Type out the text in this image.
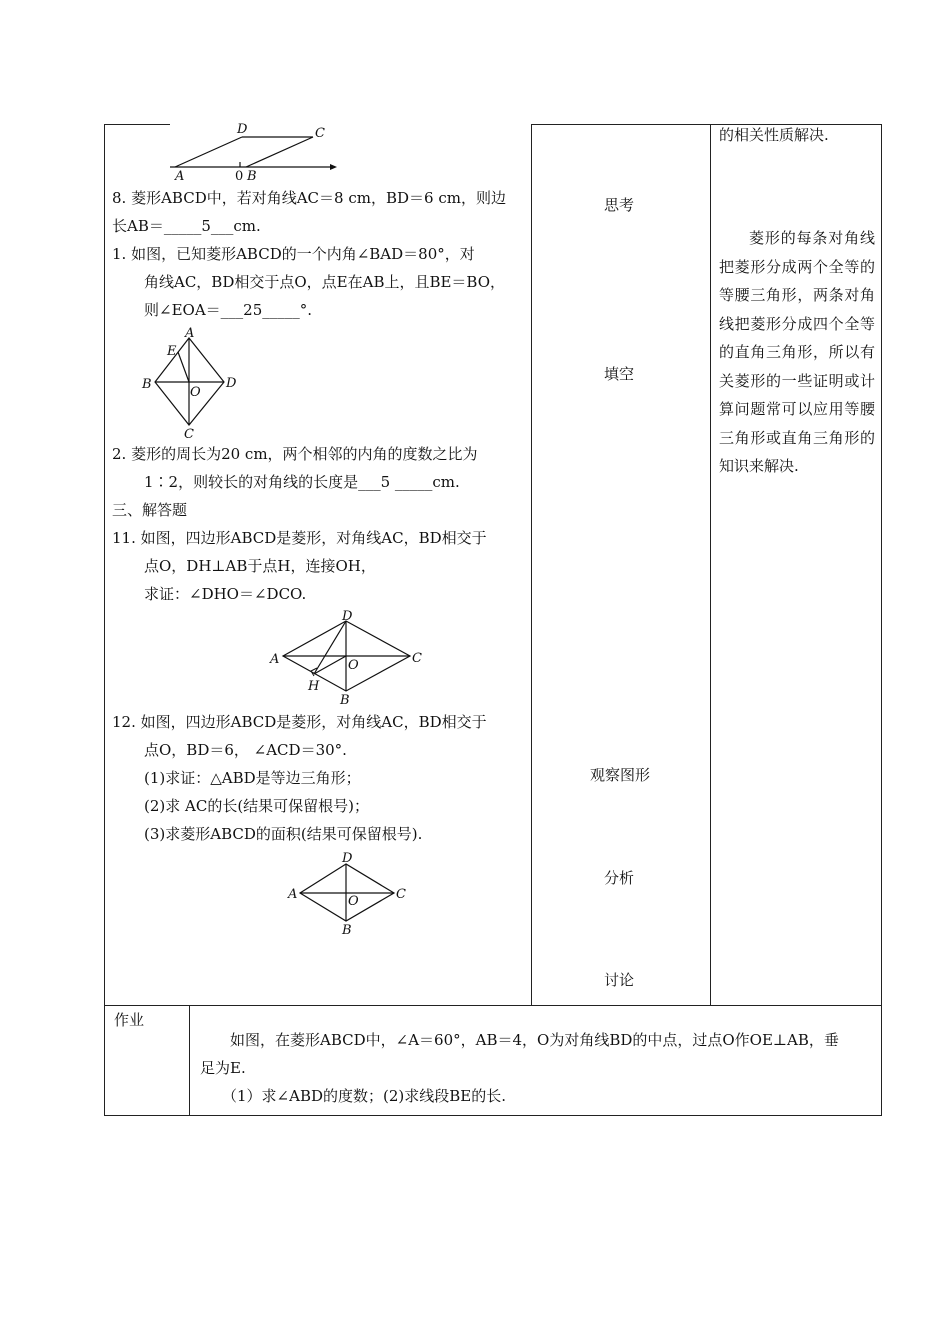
D	C
A	0 B
8. 菱形ABCD中，若对角线AC＝8 cm，BD＝6 cm，则边
长AB＝_____5___cm.
1. 如图，已知菱形ABCD的一个内角∠BAD＝80°，对
角线AC，BD相交于点O，点E在AB上，且BE＝BO，
则∠EOA＝___25_____°.
A
E
B
O
D
C
2. 菱形的周长为20 cm，两个相邻的内角的度数之比为
1∶2，则较长的对角线的长度是___5 _____cm.
三、解答题
11. 如图，四边形ABCD是菱形，对角线AC，BD相交于
点O，DH⊥AB于点H，连接OH，
求证：∠DHO＝∠DCO.
D
A	O	C
H
B
12. 如图，四边形ABCD是菱形，对角线AC，BD相交于
点O，BD＝6， ∠ACD＝30°.
(1)求证：△ABD是等边三角形；
(2)求 AC的长(结果可保留根号)；
(3)求菱形ABCD的面积(结果可保留根号).
D
A	O	C
B
思考
填空
观察图形
分析
讨论
的相关性质解决.
菱形的每条对角线把菱形分成两个全等的等腰三角形，两条对角线把菱形分成四个全等的直角三角形，所以有关菱形的一些证明或计算问题常可以应用等腰三角形或直角三角形的知识来解决.
作业
如图，在菱形ABCD中，∠A＝60°，AB＝4，O为对角线BD的中点，过点O作OE⊥AB，垂
足为E.
（1）求∠ABD的度数；(2)求线段BE的长.
